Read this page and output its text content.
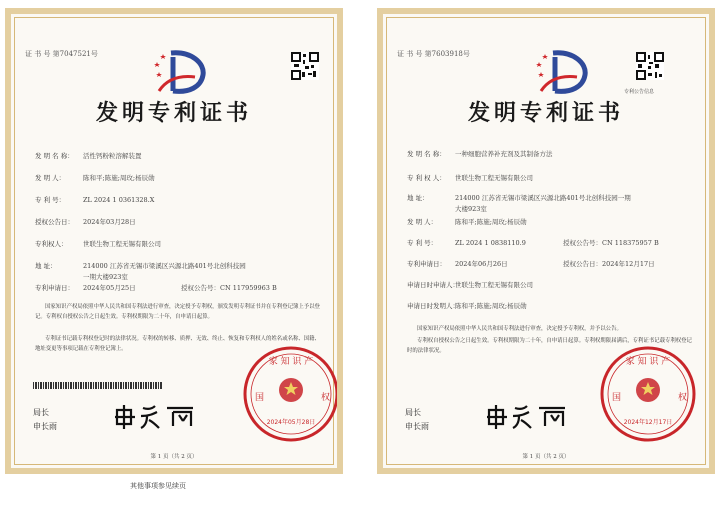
证 书 号 第7047521号
发明专利证书
发 明 名 称： 活性钙粉粒溶解装置
发 明 人：	陈和平;陈施;周玫;杨辰勋
专 利 号：	ZL 2024 1 0361328.X
授权公告日： 2024年03月28日
专利权人： 世联生物工程无锡有限公司
地 址：	214000 江苏省无锡市梁溪区兴源北路401号北创科技园
一期大楼923室
专利申请日： 2024年05月25日	授权公告号：CN 117959963 B
国家知识产权局依照中华人民共和国专利法进行审查，决定授予专利权，颁发发明专利证书并在专利登记簿上予以登记。专利权自授权公告之日起生效。专利权期限为二十年，自申请日起算。
专利证书记载专利权登记时的法律状况。专利权的转移、质押、无效、终止、恢复和专利权人的姓名或名称、国籍、地址变更等事项记载在专利登记簿上。
局长
申长雨
家 知 识 产
国	权
2024年05月28日
第 1 页（共 2 页）
证 书 号 第7603918号
专利公告信息
发明专利证书
发 明 名 称： 一种细胞营养补充剂及其制备方法
专 利 权 人： 世联生物工程无锡有限公司
地 址：	214000 江苏省无锡市梁溪区兴源北路401号北创科技园一期
大楼923室
发 明 人：	陈和平;陈施;周玫;杨辰勋
专 利 号：	ZL 2024 1 0838110.9	授权公告号：CN 118375957 B
专利申请日： 2024年06月26日	授权公告日：2024年12月17日
申请日时申请人：世联生物工程无锡有限公司
申请日时发明人：陈和平;陈施;周玫;杨辰勋
国家知识产权局依照中华人民共和国专利法进行审查，决定授予专利权，并予以公告。
专利权自授权公告之日起生效。专利权期限为二十年，自申请日起算。专利权期限届满后，专利证书记载专利权登记时的法律状况。
局长
申长雨
家 知 识 产
国	权
2024年12月17日
第 1 页（共 2 页）
其他事项参见续页
